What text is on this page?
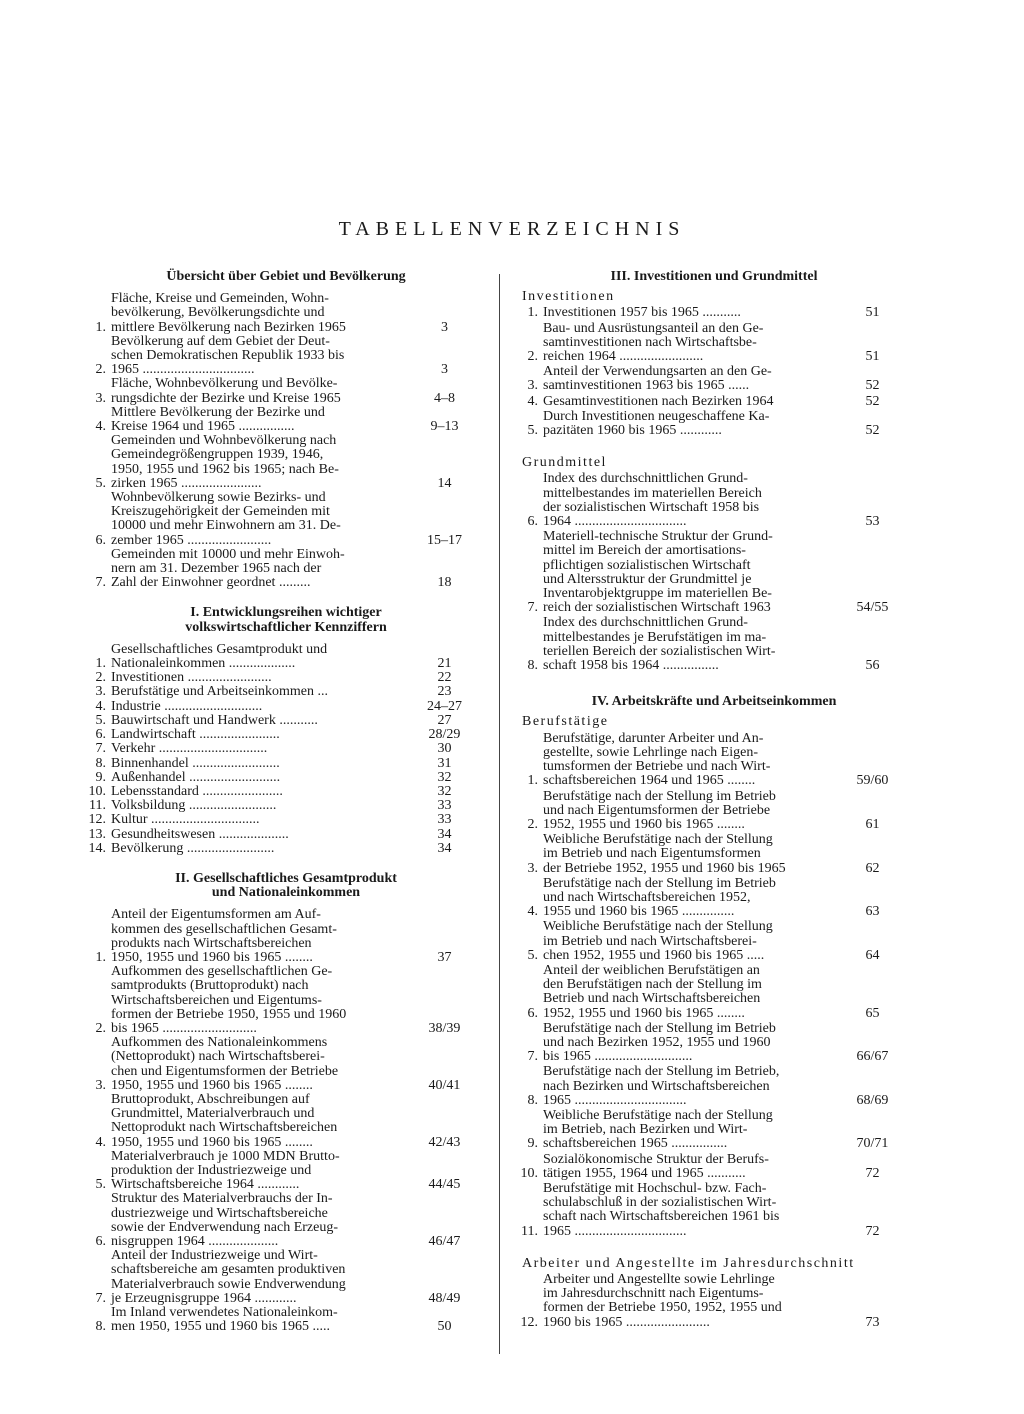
TABELLENVERZEICHNIS
Übersicht über Gebiet und Bevölkerung
1.
Fläche, Kreise und Gemeinden, Wohn-
bevölkerung, Bevölkerungsdichte und
mittlere Bevölkerung nach Bezirken 1965	3
2.
Bevölkerung auf dem Gebiet der Deut-
schen Demokratischen Republik 1933 bis
1965 ................................	3
3.
Fläche, Wohnbevölkerung und Bevölke-
rungsdichte der Bezirke und Kreise 1965	4–8
4.
Mittlere Bevölkerung der Bezirke und
Kreise 1964 und 1965 ................	9–13
5.
Gemeinden und Wohnbevölkerung nach
Gemeindegrößengruppen 1939, 1946,
1950, 1955 und 1962 bis 1965; nach Be-
zirken 1965 .......................	14
6.
Wohnbevölkerung sowie Bezirks- und
Kreiszugehörigkeit der Gemeinden mit
10000 und mehr Einwohnern am 31. De-
zember 1965 ........................	15–17
7.
Gemeinden mit 10000 und mehr Einwoh-
nern am 31. Dezember 1965 nach der
Zahl der Einwohner geordnet .........	18
I. Entwicklungsreihen wichtiger
volkswirtschaftlicher Kennziffern
1.
Gesellschaftliches Gesamtprodukt und
Nationaleinkommen ...................	21
2. Investitionen ........................	22
3. Berufstätige und Arbeitseinkommen ...	23
4. Industrie ............................	24–27
5. Bauwirtschaft und Handwerk ...........	27
6. Landwirtschaft .......................	28/29
7. Verkehr ...............................	30
8. Binnenhandel .........................	31
9. Außenhandel ..........................	32
10. Lebensstandard .......................	32
11. Volksbildung .........................	33
12. Kultur ...............................	33
13. Gesundheitswesen ....................	34
14. Bevölkerung .........................	34
II. Gesellschaftliches Gesamtprodukt
und Nationaleinkommen
1.
Anteil der Eigentumsformen am Auf-
kommen des gesellschaftlichen Gesamt-
produkts nach Wirtschaftsbereichen
1950, 1955 und 1960 bis 1965 ........	37
2.
Aufkommen des gesellschaftlichen Ge-
samtprodukts (Bruttoprodukt) nach
Wirtschaftsbereichen und Eigentums-
formen der Betriebe 1950, 1955 und 1960
bis 1965 ...........................	38/39
3.
Aufkommen des Nationaleinkommens
(Nettoprodukt) nach Wirtschaftsberei-
chen und Eigentumsformen der Betriebe
1950, 1955 und 1960 bis 1965 ........	40/41
4.
Bruttoprodukt, Abschreibungen auf
Grundmittel, Materialverbrauch und
Nettoprodukt nach Wirtschaftsbereichen
1950, 1955 und 1960 bis 1965 ........	42/43
5.
Materialverbrauch je 1000 MDN Brutto-
produktion der Industriezweige und
Wirtschaftsbereiche 1964 ............	44/45
6.
Struktur des Materialverbrauchs der In-
dustriezweige und Wirtschaftsbereiche
sowie der Endverwendung nach Erzeug-
nisgruppen 1964 ....................	46/47
7.
Anteil der Industriezweige und Wirt-
schaftsbereiche am gesamten produktiven
Materialverbrauch sowie Endverwendung
je Erzeugnisgruppe 1964 ............	48/49
8.
Im Inland verwendetes Nationaleinkom-
men 1950, 1955 und 1960 bis 1965 .....	50
III. Investitionen und Grundmittel
Investitionen
1. Investitionen 1957 bis 1965 ...........	51
2.
Bau- und Ausrüstungsanteil an den Ge-
samtinvestitionen nach Wirtschaftsbe-
reichen 1964 ........................	51
3.
Anteil der Verwendungsarten an den Ge-
samtinvestitionen 1963 bis 1965 ......	52
4. Gesamtinvestitionen nach Bezirken 1964	52
5.
Durch Investitionen neugeschaffene Ka-
pazitäten 1960 bis 1965 ............	52
Grundmittel
6.
Index des durchschnittlichen Grund-
mittelbestandes im materiellen Bereich
der sozialistischen Wirtschaft 1958 bis
1964 ................................	53
7.
Materiell-technische Struktur der Grund-
mittel im Bereich der amortisations-
pflichtigen sozialistischen Wirtschaft
und Altersstruktur der Grundmittel je
Inventarobjektgruppe im materiellen Be-
reich der sozialistischen Wirtschaft 1963	54/55
8.
Index des durchschnittlichen Grund-
mittelbestandes je Berufstätigen im ma-
teriellen Bereich der sozialistischen Wirt-
schaft 1958 bis 1964 ................	56
IV. Arbeitskräfte und Arbeitseinkommen
Berufstätige
1.
Berufstätige, darunter Arbeiter und An-
gestellte, sowie Lehrlinge nach Eigen-
tumsformen der Betriebe und nach Wirt-
schaftsbereichen 1964 und 1965 ........	59/60
2.
Berufstätige nach der Stellung im Betrieb
und nach Eigentumsformen der Betriebe
1952, 1955 und 1960 bis 1965 ........	61
3.
Weibliche Berufstätige nach der Stellung
im Betrieb und nach Eigentumsformen
der Betriebe 1952, 1955 und 1960 bis 1965	62
4.
Berufstätige nach der Stellung im Betrieb
und nach Wirtschaftsbereichen 1952,
1955 und 1960 bis 1965 ...............	63
5.
Weibliche Berufstätige nach der Stellung
im Betrieb und nach Wirtschaftsberei-
chen 1952, 1955 und 1960 bis 1965 .....	64
6.
Anteil der weiblichen Berufstätigen an
den Berufstätigen nach der Stellung im
Betrieb und nach Wirtschaftsbereichen
1952, 1955 und 1960 bis 1965 ........	65
7.
Berufstätige nach der Stellung im Betrieb
und nach Bezirken 1952, 1955 und 1960
bis 1965 ............................	66/67
8.
Berufstätige nach der Stellung im Betrieb,
nach Bezirken und Wirtschaftsbereichen
1965 ................................	68/69
9.
Weibliche Berufstätige nach der Stellung
im Betrieb, nach Bezirken und Wirt-
schaftsbereichen 1965 ................	70/71
10.
Sozialökonomische Struktur der Berufs-
tätigen 1955, 1964 und 1965 ...........	72
11.
Berufstätige mit Hochschul- bzw. Fach-
schulabschluß in der sozialistischen Wirt-
schaft nach Wirtschaftsbereichen 1961 bis
1965 ................................	72
Arbeiter und Angestellte im Jahresdurchschnitt
12.
Arbeiter und Angestellte sowie Lehrlinge
im Jahresdurchschnitt nach Eigentums-
formen der Betriebe 1950, 1952, 1955 und
1960 bis 1965 ........................	73
